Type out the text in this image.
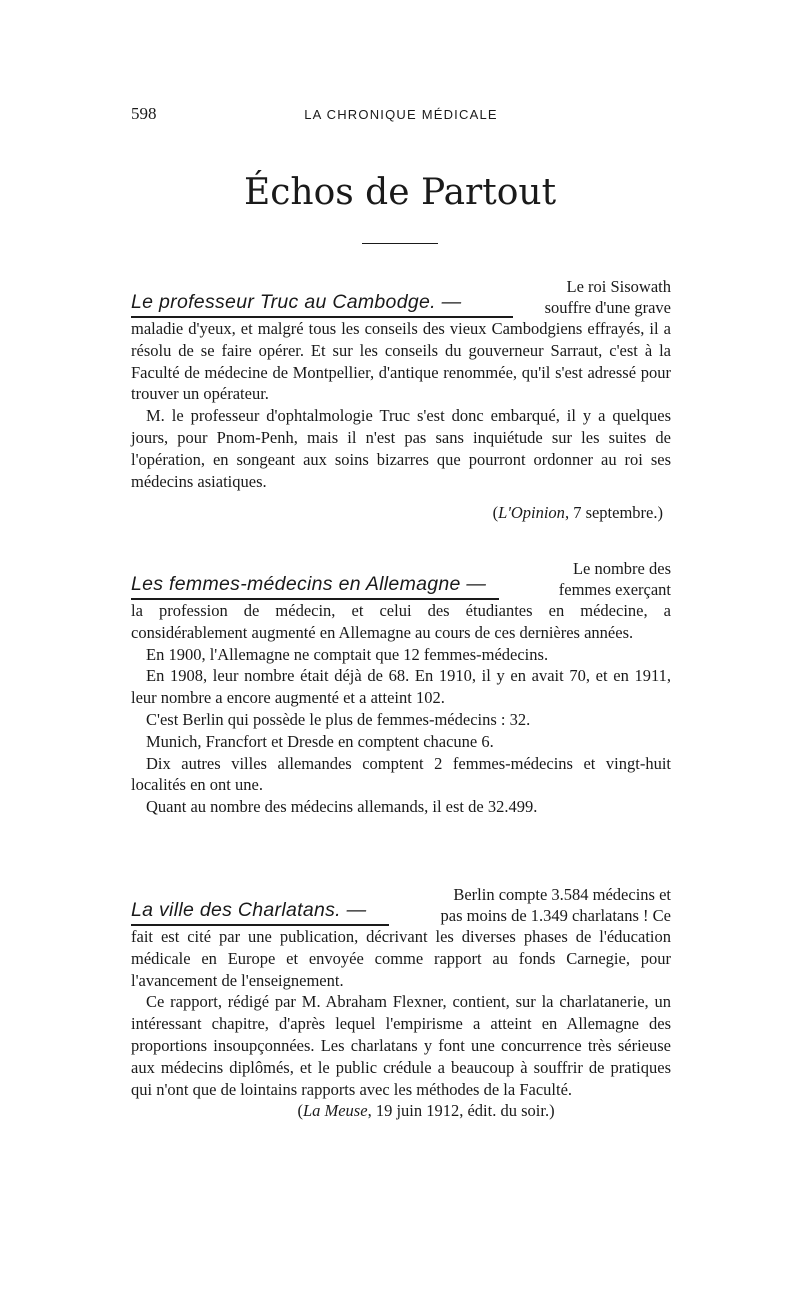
598	LA CHRONIQUE MÉDICALE
Échos de Partout
Le professeur Truc au Cambodge. —
Le roi Sisowath
souffre d'une grave

maladie d'yeux, et malgré tous les conseils des vieux Cambodgiens effrayés, il a résolu de se faire opérer. Et sur les conseils du gouverneur Sarraut, c'est à la Faculté de médecine de Montpellier, d'antique renommée, qu'il s'est adressé pour trouver un opérateur.

M. le professeur d'ophtalmologie Truc s'est donc embarqué, il y a quelques jours, pour Pnom-Penh, mais il n'est pas sans inquiétude sur les suites de l'opération, en songeant aux soins bizarres que pourront ordonner au roi ses médecins asiatiques.

(L'Opinion, 7 septembre.)
Les femmes-médecins en Allemagne —
Le nombre des
femmes exerçant

la profession de médecin, et celui des étudiantes en médecine, a considérablement augmenté en Allemagne au cours de ces dernières années.

En 1900, l'Allemagne ne comptait que 12 femmes-médecins.

En 1908, leur nombre était déjà de 68. En 1910, il y en avait 70, et en 1911, leur nombre a encore augmenté et a atteint 102.

C'est Berlin qui possède le plus de femmes-médecins : 32.

Munich, Francfort et Dresde en comptent chacune 6.

Dix autres villes allemandes comptent 2 femmes-médecins et vingt-huit localités en ont une.

Quant au nombre des médecins allemands, il est de 32.499.

La ville des Charlatans. —
Berlin compte 3.584 médecins et
pas moins de 1.349 charlatans ! Ce

fait est cité par une publication, décrivant les diverses phases de l'éducation médicale en Europe et envoyée comme rapport au fonds Carnegie, pour l'avancement de l'enseignement.

Ce rapport, rédigé par M. Abraham Flexner, contient, sur la charlatanerie, un intéressant chapitre, d'après lequel l'empirisme a atteint en Allemagne des proportions insoupçonnées. Les charlatans y font une concurrence très sérieuse aux médecins diplômés, et le public crédule a beaucoup à souffrir de pratiques qui n'ont que de lointains rapports avec les méthodes de la Faculté.

(La Meuse, 19 juin 1912, édit. du soir.)
